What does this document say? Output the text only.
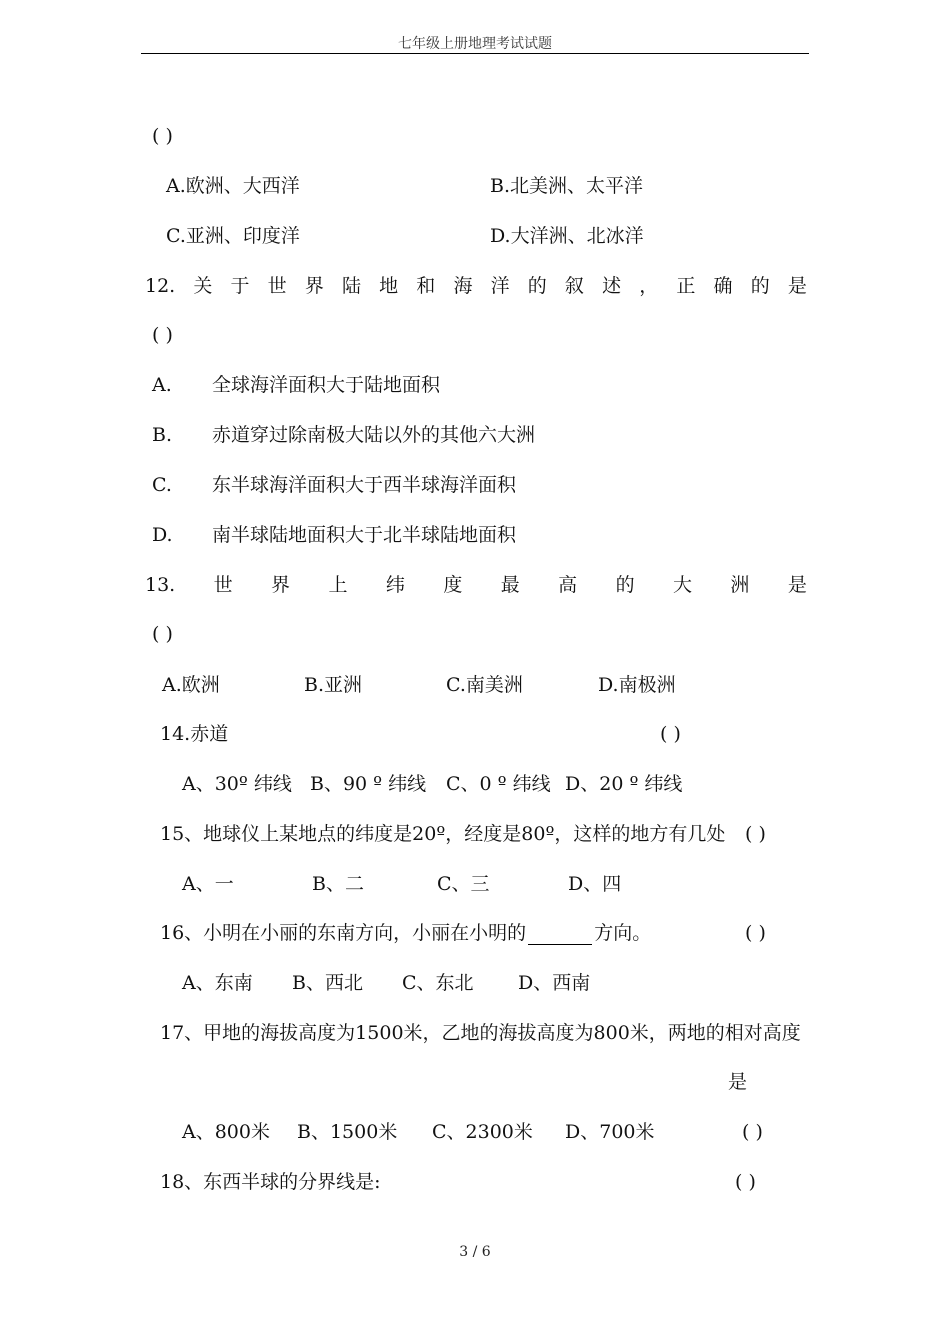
七年级上册地理考试试题
( )
A.欧洲、大西洋	B.北美洲、太平洋
C.亚洲、印度洋	D.大洋洲、北冰洋
12. 关 于 世 界 陆 地 和 海 洋 的 叙 述 ， 正 确 的 是
( )
A. 全球海洋面积大于陆地面积
B. 赤道穿过除南极大陆以外的其他六大洲
C. 东半球海洋面积大于西半球海洋面积
D. 南半球陆地面积大于北半球陆地面积
13. 世 界 上 纬 度 最 高 的 大 洲 是
( )
A.欧洲	B.亚洲	C.南美洲	D.南极洲
14.赤道	( )
A、30º 纬线 B、90 º 纬线 C、0 º 纬线 D、20 º 纬线
15、地球仪上某地点的纬度是20º，经度是80º，这样的地方有几处 ( )
A、一	B、二	C、三	D、四
16、小明在小丽的东南方向，小丽在小明的	方向。	( )
A、东南 B、西北 C、东北 D、西南
17、甲地的海拔高度为1500米，乙地的海拔高度为800米，两地的相对高度
是
A、800米 B、1500米 C、2300米 D、700米	( )
18、东西半球的分界线是:	( )
3 / 6
